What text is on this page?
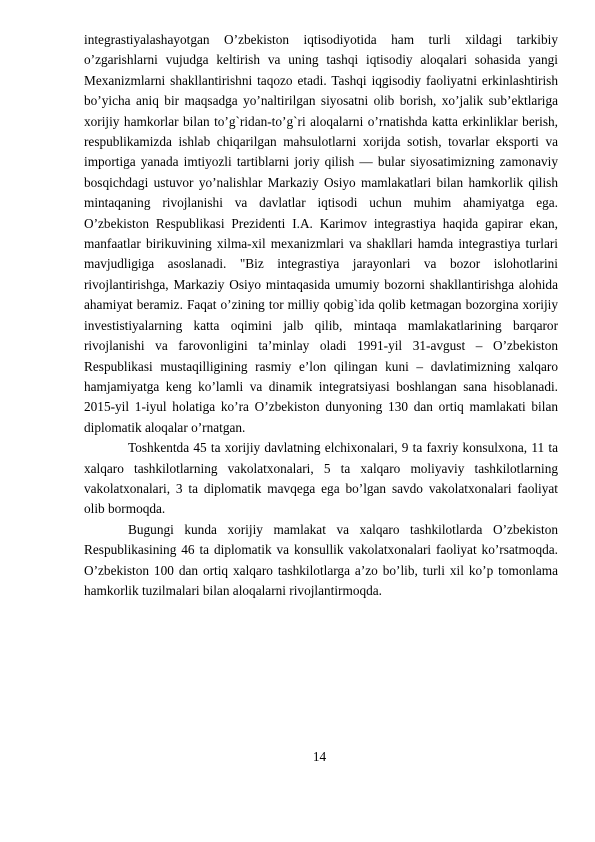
integrastiyalashayotgan O’zbekiston iqtisodiyotida ham turli xildagi tarkibiy o’zgarishlarni vujudga keltirish va uning tashqi iqtisodiy aloqalari sohasida yangi Mexanizmlarni shakllantirishni taqozo etadi. Tashqi iqgisodiy faoliyatni erkinlashtirish bo’yicha aniq bir maqsadga yo’naltirilgan siyosatni olib borish, xo’jalik sub’ektlariga xorijiy hamkorlar bilan to’g`ridan-to’g`ri aloqalarni o’rnatishda katta erkinliklar berish, respublikamizda ishlab chiqarilgan mahsulotlarni xorijda sotish, tovarlar eksporti va importiga yanada imtiyozli tartiblarni joriy qilish — bular siyosatimizning zamonaviy bosqichdagi ustuvor yo’nalishlar Markaziy Osiyo mamlakatlari bilan hamkorlik qilish mintaqaning rivojlanishi va davlatlar iqtisodi uchun muhim ahamiyatga ega. O’zbekiston Respublikasi Prezidenti I.A. Karimov integrastiya haqida gapirar ekan, manfaatlar birikuvining xilma-xil mexanizmlari va shakllari hamda integrastiya turlari mavjudligiga asoslanadi. "Biz integrastiya jarayonlari va bozor islohotlarini rivojlantirishga, Markaziy Osiyo mintaqasida umumiy bozorni shakllantirishga alohida ahamiyat beramiz. Faqat o’zining tor milliy qobig`ida qolib ketmagan bozorgina xorijiy investistiyalarning katta oqimini jalb qilib, mintaqa mamlakatlarining barqaror rivojlanishi va farovonligini ta’minlay oladi 1991-yil 31-avgust – O’zbekiston Respublikasi mustaqilligining rasmiy e’lon qilingan kuni – davlatimizning xalqaro hamjamiyatga keng ko’lamli va dinamik integratsiyasi boshlangan sana hisoblanadi. 2015-yil 1-iyul holatiga ko’ra O’zbekiston dunyoning 130 dan ortiq mamlakati bilan diplomatik aloqalar o’rnatgan.

Toshkentda 45 ta xorijiy davlatning elchixonalari, 9 ta faxriy konsulxona, 11 ta xalqaro tashkilotlarning vakolatxonalari, 5 ta xalqaro moliyaviy tashkilotlarning vakolatxonalari, 3 ta diplomatik mavqega ega bo’lgan savdo vakolatxonalari faoliyat olib bormoqda.

Bugungi kunda xorijiy mamlakat va xalqaro tashkilotlarda O’zbekiston Respublikasining 46 ta diplomatik va konsullik vakolatxonalari faoliyat ko’rsatmoqda. O’zbekiston 100 dan ortiq xalqaro tashkilotlarga a’zo bo’lib, turli xil ko’p tomonlama hamkorlik tuzilmalari bilan aloqalarni rivojlantirmoqda.

14
